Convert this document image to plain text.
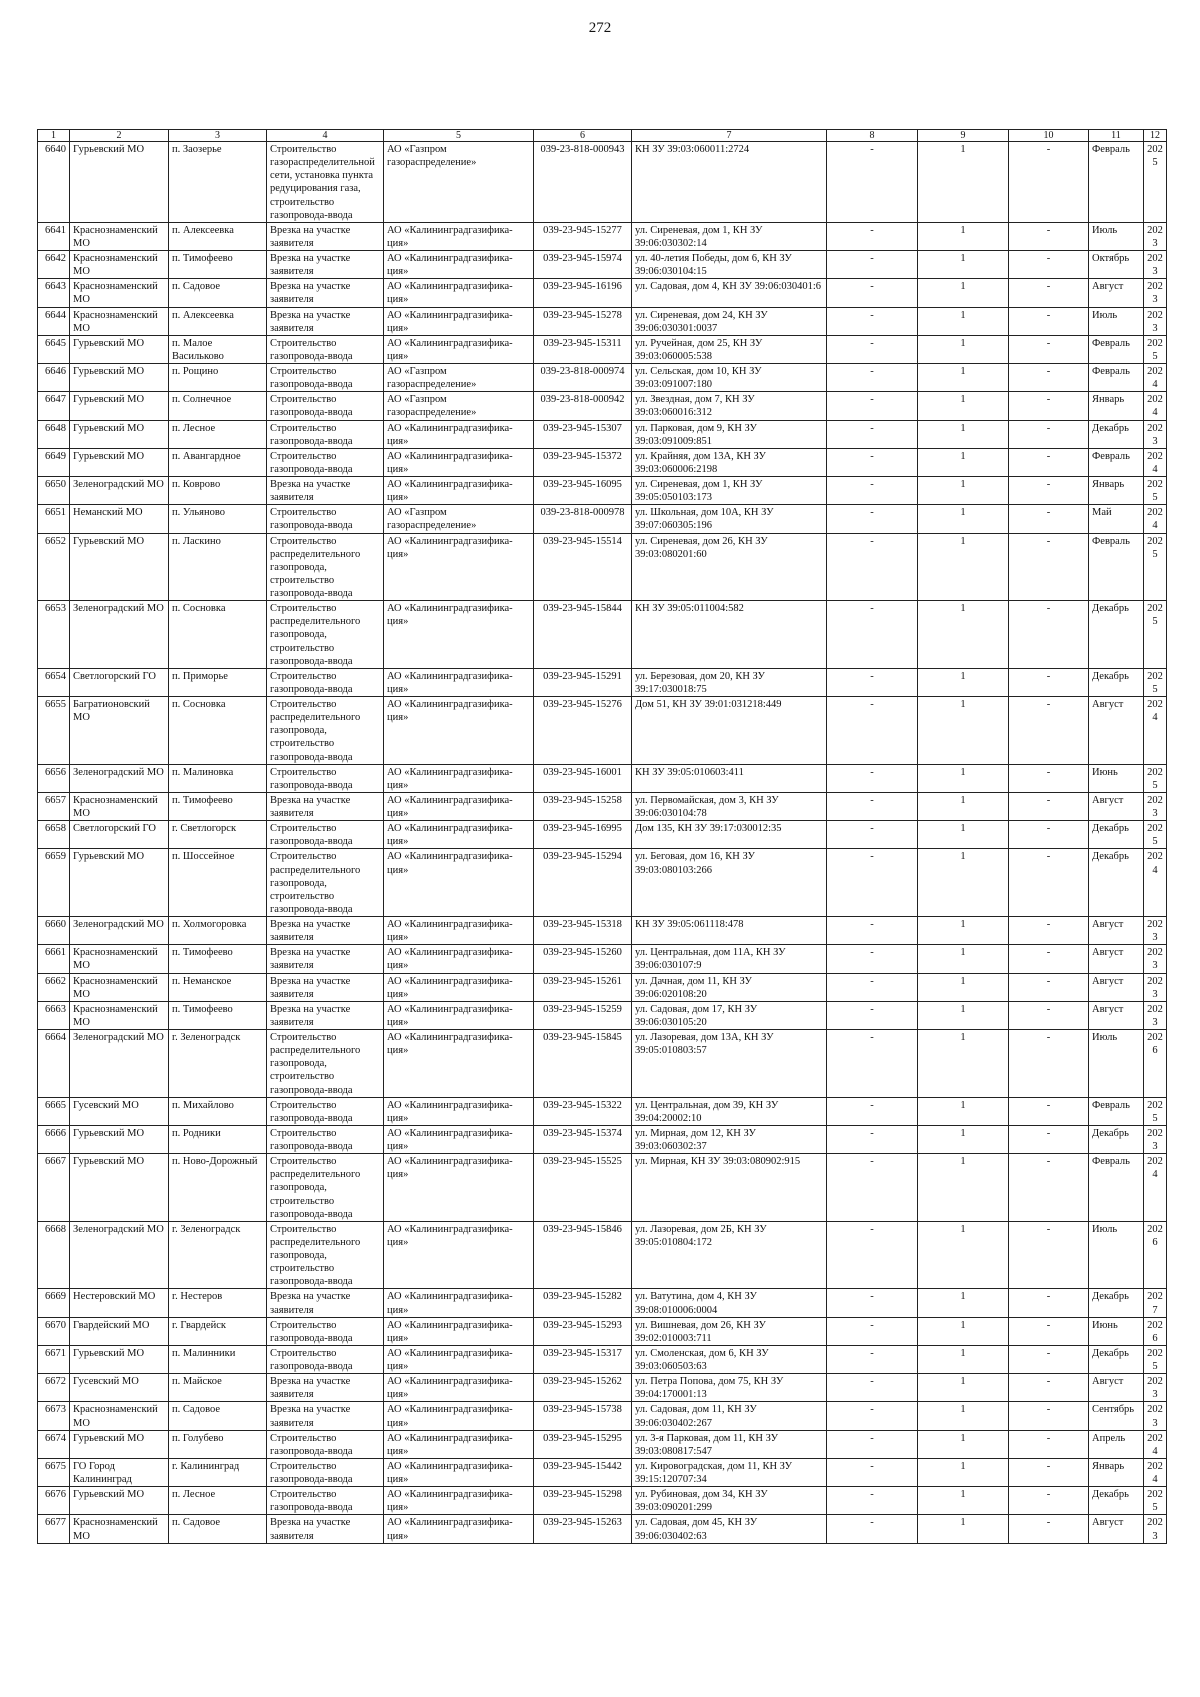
272
1	2	3	4	5	6	7	8	9	10	11	12
6640	Гурьевский МО	п. Заозерье	Строительство газораспределительной сети, установка пункта редуцирования газа, строительство газопровода-ввода	АО «Газпром газораспределение»	039-23-818-000943	КН ЗУ 39:03:060011:2724	-	1	-	Февраль	2025
6641	Краснознаменский МО	п. Алексеевка	Врезка на участке заявителя	АО «Калининградгазифика-ция»	039-23-945-15277	ул. Сиреневая, дом 1, КН ЗУ 39:06:030302:14	-	1	-	Июль	2023
6642	Краснознаменский МО	п. Тимофеево	Врезка на участке заявителя	АО «Калининградгазифика-ция»	039-23-945-15974	ул. 40-летия Победы, дом 6, КН ЗУ 39:06:030104:15	-	1	-	Октябрь	2023
6643	Краснознаменский МО	п. Садовое	Врезка на участке заявителя	АО «Калининградгазифика-ция»	039-23-945-16196	ул. Садовая, дом 4, КН ЗУ 39:06:030401:6	-	1	-	Август	2023
6644	Краснознаменский МО	п. Алексеевка	Врезка на участке заявителя	АО «Калининградгазифика-ция»	039-23-945-15278	ул. Сиреневая, дом 24, КН ЗУ 39:06:030301:0037	-	1	-	Июль	2023
6645	Гурьевский МО	п. Малое Васильково	Строительство газопровода-ввода	АО «Калининградгазифика-ция»	039-23-945-15311	ул. Ручейная, дом 25, КН ЗУ 39:03:060005:538	-	1	-	Февраль	2025
6646	Гурьевский МО	п. Рощино	Строительство газопровода-ввода	АО «Газпром газораспределение»	039-23-818-000974	ул. Сельская, дом 10, КН ЗУ 39:03:091007:180	-	1	-	Февраль	2024
6647	Гурьевский МО	п. Солнечное	Строительство газопровода-ввода	АО «Газпром газораспределение»	039-23-818-000942	ул. Звездная, дом 7, КН ЗУ 39:03:060016:312	-	1	-	Январь	2024
6648	Гурьевский МО	п. Лесное	Строительство газопровода-ввода	АО «Калининградгазифика-ция»	039-23-945-15307	ул. Парковая, дом 9, КН ЗУ 39:03:091009:851	-	1	-	Декабрь	2023
6649	Гурьевский МО	п. Авангардное	Строительство газопровода-ввода	АО «Калининградгазифика-ция»	039-23-945-15372	ул. Крайняя, дом 13А, КН ЗУ 39:03:060006:2198	-	1	-	Февраль	2024
6650	Зеленоградский МО	п. Коврово	Врезка на участке заявителя	АО «Калининградгазифика-ция»	039-23-945-16095	ул. Сиреневая, дом 1, КН ЗУ 39:05:050103:173	-	1	-	Январь	2025
6651	Неманский МО	п. Ульяново	Строительство газопровода-ввода	АО «Газпром газораспределение»	039-23-818-000978	ул. Школьная, дом 10А, КН ЗУ 39:07:060305:196	-	1	-	Май	2024
6652	Гурьевский МО	п. Ласкино	Строительство распределительного газопровода, строительство газопровода-ввода	АО «Калининградгазифика-ция»	039-23-945-15514	ул. Сиреневая, дом 26, КН ЗУ 39:03:080201:60	-	1	-	Февраль	2025
6653	Зеленоградский МО	п. Сосновка	Строительство распределительного газопровода, строительство газопровода-ввода	АО «Калининградгазифика-ция»	039-23-945-15844	КН ЗУ 39:05:011004:582	-	1	-	Декабрь	2025
6654	Светлогорский ГО	п. Приморье	Строительство газопровода-ввода	АО «Калининградгазифика-ция»	039-23-945-15291	ул. Березовая, дом 20, КН ЗУ 39:17:030018:75	-	1	-	Декабрь	2025
6655	Багратионовский МО	п. Сосновка	Строительство распределительного газопровода, строительство газопровода-ввода	АО «Калининградгазифика-ция»	039-23-945-15276	Дом 51, КН ЗУ 39:01:031218:449	-	1	-	Август	2024
6656	Зеленоградский МО	п. Малиновка	Строительство газопровода-ввода	АО «Калининградгазифика-ция»	039-23-945-16001	КН ЗУ 39:05:010603:411	-	1	-	Июнь	2025
6657	Краснознаменский МО	п. Тимофеево	Врезка на участке заявителя	АО «Калининградгазифика-ция»	039-23-945-15258	ул. Первомайская, дом 3, КН ЗУ 39:06:030104:78	-	1	-	Август	2023
6658	Светлогорский ГО	г. Светлогорск	Строительство газопровода-ввода	АО «Калининградгазифика-ция»	039-23-945-16995	Дом 135, КН ЗУ 39:17:030012:35	-	1	-	Декабрь	2025
6659	Гурьевский МО	п. Шоссейное	Строительство распределительного газопровода, строительство газопровода-ввода	АО «Калининградгазифика-ция»	039-23-945-15294	ул. Беговая, дом 16, КН ЗУ 39:03:080103:266	-	1	-	Декабрь	2024
6660	Зеленоградский МО	п. Холмогоровка	Врезка на участке заявителя	АО «Калининградгазифика-ция»	039-23-945-15318	КН ЗУ 39:05:061118:478	-	1	-	Август	2023
6661	Краснознаменский МО	п. Тимофеево	Врезка на участке заявителя	АО «Калининградгазифика-ция»	039-23-945-15260	ул. Центральная, дом 11А, КН ЗУ 39:06:030107:9	-	1	-	Август	2023
6662	Краснознаменский МО	п. Неманское	Врезка на участке заявителя	АО «Калининградгазифика-ция»	039-23-945-15261	ул. Дачная, дом 11, КН ЗУ 39:06:020108:20	-	1	-	Август	2023
6663	Краснознаменский МО	п. Тимофеево	Врезка на участке заявителя	АО «Калининградгазифика-ция»	039-23-945-15259	ул. Садовая, дом 17, КН ЗУ 39:06:030105:20	-	1	-	Август	2023
6664	Зеленоградский МО	г. Зеленоградск	Строительство распределительного газопровода, строительство газопровода-ввода	АО «Калининградгазифика-ция»	039-23-945-15845	ул. Лазоревая, дом 13А, КН ЗУ 39:05:010803:57	-	1	-	Июль	2026
6665	Гусевский МО	п. Михайлово	Строительство газопровода-ввода	АО «Калининградгазифика-ция»	039-23-945-15322	ул. Центральная, дом 39, КН ЗУ 39:04:20002:10	-	1	-	Февраль	2025
6666	Гурьевский МО	п. Родники	Строительство газопровода-ввода	АО «Калининградгазифика-ция»	039-23-945-15374	ул. Мирная, дом 12, КН ЗУ 39:03:060302:37	-	1	-	Декабрь	2023
6667	Гурьевский МО	п. Ново-Дорожный	Строительство распределительного газопровода, строительство газопровода-ввода	АО «Калининградгазифика-ция»	039-23-945-15525	ул. Мирная, КН ЗУ 39:03:080902:915	-	1	-	Февраль	2024
6668	Зеленоградский МО	г. Зеленоградск	Строительство распределительного газопровода, строительство газопровода-ввода	АО «Калининградгазифика-ция»	039-23-945-15846	ул. Лазоревая, дом 2Б, КН ЗУ 39:05:010804:172	-	1	-	Июль	2026
6669	Нестеровский МО	г. Нестеров	Врезка на участке заявителя	АО «Калининградгазифика-ция»	039-23-945-15282	ул. Ватутина, дом 4, КН ЗУ 39:08:010006:0004	-	1	-	Декабрь	2027
6670	Гвардейский МО	г. Гвардейск	Строительство газопровода-ввода	АО «Калининградгазифика-ция»	039-23-945-15293	ул. Вишневая, дом 26, КН ЗУ 39:02:010003:711	-	1	-	Июнь	2026
6671	Гурьевский МО	п. Малинники	Строительство газопровода-ввода	АО «Калининградгазифика-ция»	039-23-945-15317	ул. Смоленская, дом 6, КН ЗУ 39:03:060503:63	-	1	-	Декабрь	2025
6672	Гусевский МО	п. Майское	Врезка на участке заявителя	АО «Калининградгазифика-ция»	039-23-945-15262	ул. Петра Попова, дом 75, КН ЗУ 39:04:170001:13	-	1	-	Август	2023
6673	Краснознаменский МО	п. Садовое	Врезка на участке заявителя	АО «Калининградгазифика-ция»	039-23-945-15738	ул. Садовая, дом 11, КН ЗУ 39:06:030402:267	-	1	-	Сентябрь	2023
6674	Гурьевский МО	п. Голубево	Строительство газопровода-ввода	АО «Калининградгазифика-ция»	039-23-945-15295	ул. 3-я Парковая, дом 11, КН ЗУ 39:03:080817:547	-	1	-	Апрель	2024
6675	ГО Город Калининград	г. Калининград	Строительство газопровода-ввода	АО «Калининградгазифика-ция»	039-23-945-15442	ул. Кировоградская, дом 11, КН ЗУ 39:15:120707:34	-	1	-	Январь	2024
6676	Гурьевский МО	п. Лесное	Строительство газопровода-ввода	АО «Калининградгазифика-ция»	039-23-945-15298	ул. Рубиновая, дом 34, КН ЗУ 39:03:090201:299	-	1	-	Декабрь	2025
6677	Краснознаменский МО	п. Садовое	Врезка на участке заявителя	АО «Калининградгазифика-ция»	039-23-945-15263	ул. Садовая, дом 45, КН ЗУ 39:06:030402:63	-	1	-	Август	2023
